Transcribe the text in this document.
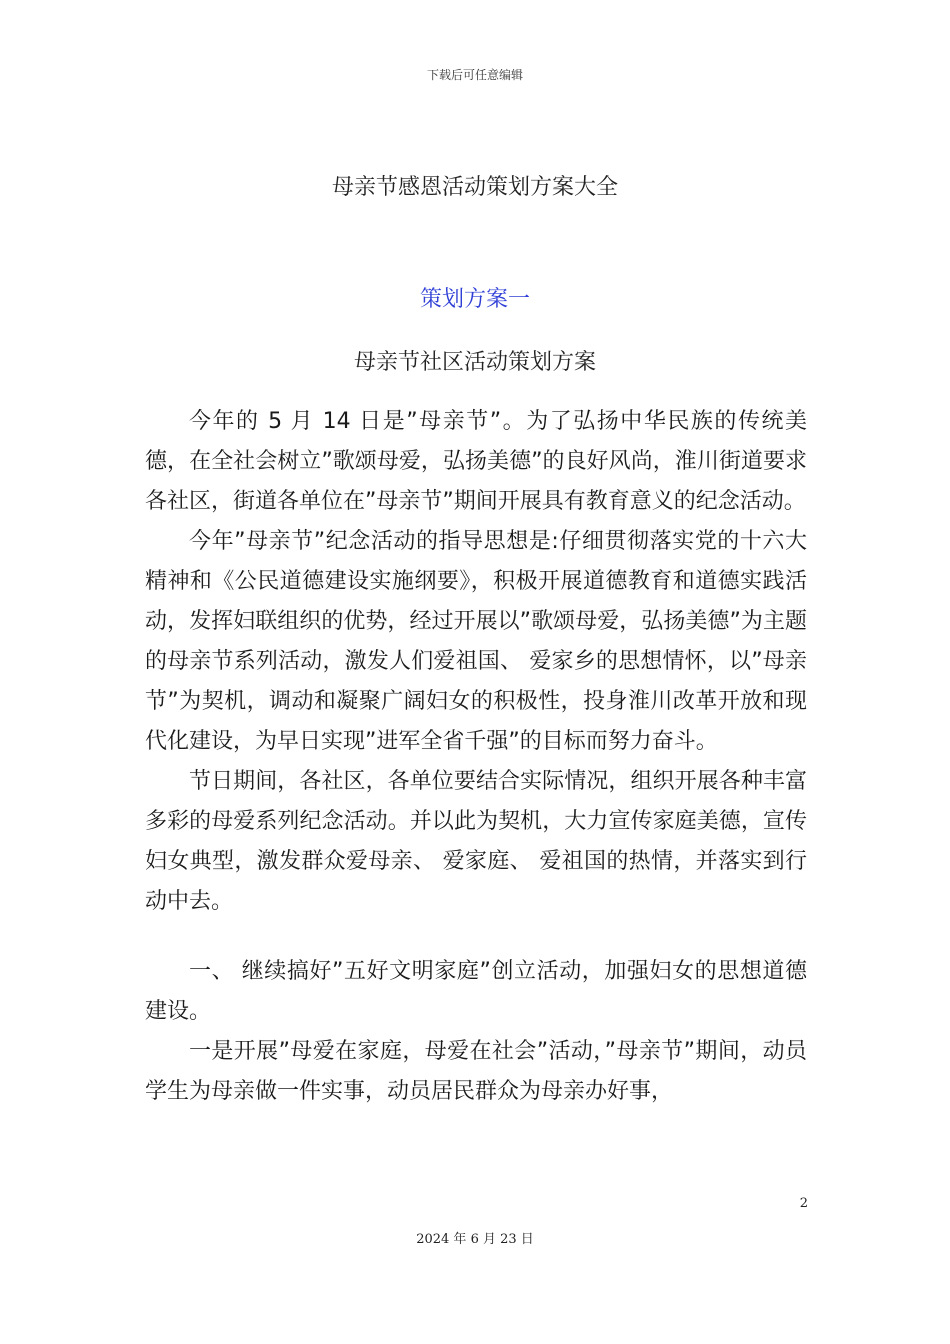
下载后可任意编辑
母亲节感恩活动策划方案大全
策划方案一
母亲节社区活动策划方案

今年的 5 月 14 日是”母亲节”。为了弘扬中华民族的传统美德，在全社会树立”歌颂母爱，弘扬美德”的良好风尚，淮川街道要求各社区，街道各单位在”母亲节”期间开展具有教育意义的纪念活动。

今年”母亲节”纪念活动的指导思想是:仔细贯彻落实党的十六大精神和《公民道德建设实施纲要》，积极开展道德教育和道德实践活动，发挥妇联组织的优势，经过开展以”歌颂母爱，弘扬美德”为主题的母亲节系列活动，激发人们爱祖国、 爱家乡的思想情怀，以”母亲节”为契机，调动和凝聚广阔妇女的积极性，投身淮川改革开放和现代化建设，为早日实现”进军全省千强”的目标而努力奋斗。

节日期间，各社区，各单位要结合实际情况，组织开展各种丰富多彩的母爱系列纪念活动。并以此为契机，大力宣传家庭美德，宣传妇女典型，激发群众爱母亲、 爱家庭、 爱祖国的热情，并落实到行动中去。

一、 继续搞好”五好文明家庭”创立活动，加强妇女的思想道德建设。

一是开展”母爱在家庭，母爱在社会”活动，”母亲节”期间，动员学生为母亲做一件实事，动员居民群众为母亲办好事，

2
2024 年 6 月 23 日
